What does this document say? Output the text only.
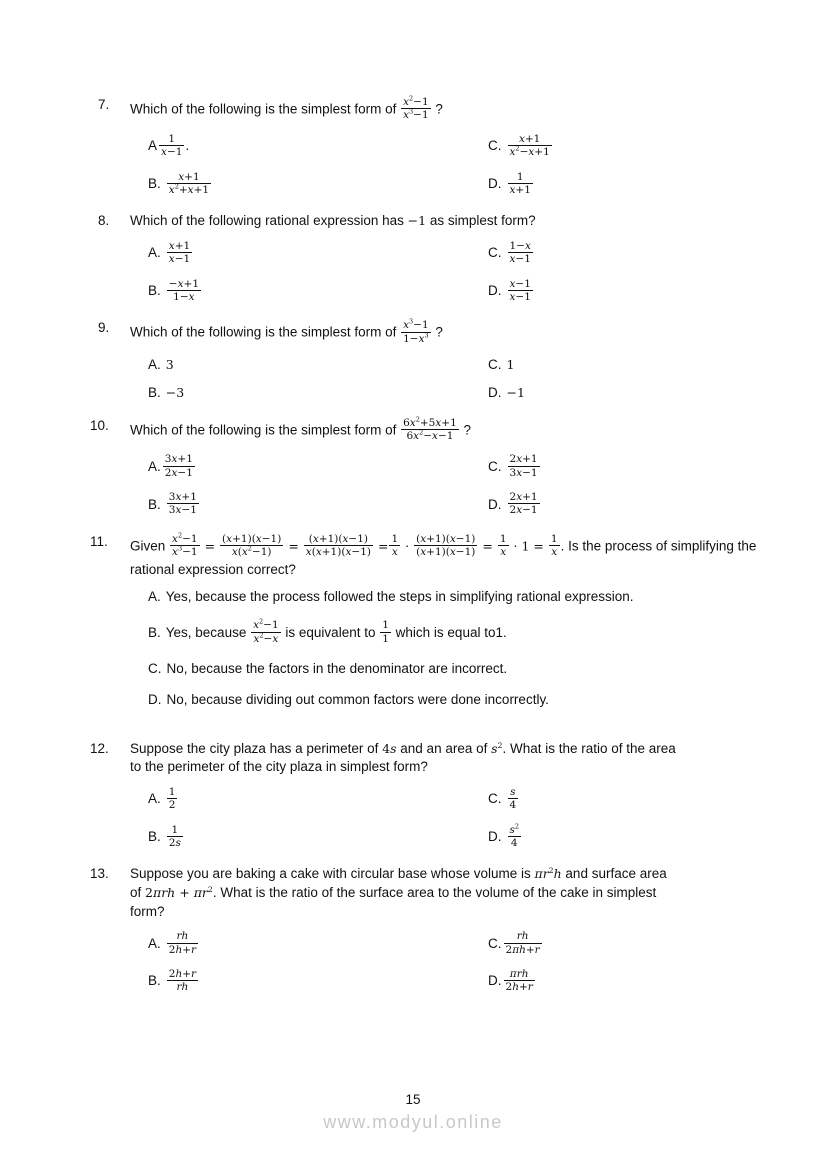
7.	Which of the following is the simplest form of $\frac{x^2-1}{x^3-1}$ ?
A $\frac{1}{x-1}$ .
B. $\frac{x+1}{x^2+x+1}$
C. $\frac{x+1}{x^2-x+1}$
D. $\frac{1}{x+1}$
8.	Which of the following rational expression has −1 as simplest form?
A. $\frac{x+1}{x-1}$
B. $\frac{-x+1}{1-x}$
C. $\frac{1-x}{x-1}$
D. $\frac{x-1}{x-1}$
9.	Which of the following is the simplest form of $\frac{x^3-1}{1-x^3}$ ?
A. 3
B. −3
C. 1
D. −1
10.	Which of the following is the simplest form of $\frac{6x^2+5x+1}{6x^2-x-1}$ ?
A. $\frac{3x+1}{2x-1}$
B. $\frac{3x+1}{3x-1}$
C. $\frac{2x+1}{3x-1}$
D. $\frac{2x+1}{2x-1}$
11.	Given $\frac{x^2-1}{x^3-1} = \frac{(x+1)(x-1)}{x(x^2-1)} = \frac{(x+1)(x-1)}{x(x+1)(x-1)} = \frac{1}{x} \cdot \frac{(x+1)(x-1)}{(x+1)(x-1)} = \frac{1}{x} \cdot 1 = \frac{1}{x}$ . Is the process of simplifying the
rational expression correct?
A. Yes, because the process followed the steps in simplifying rational expression.
B. Yes, because $\frac{x^2-1}{x^2-x}$ is equivalent to $\frac{1}{1}$ which is equal to1.
C. No, because the factors in the denominator are incorrect.
D. No, because dividing out common factors were done incorrectly.
12.	Suppose the city plaza has a perimeter of 4s and an area of $s^2$. What is the ratio of the area
to the perimeter of the city plaza in simplest form?
A. $\frac{1}{2}$
B. $\frac{1}{2s}$
C. $\frac{s}{4}$
D. $\frac{s^2}{4}$
13.	Suppose you are baking a cake with circular base whose volume is $\pi r^2h$ and surface area
of $2\pi rh + \pi r^2$. What is the ratio of the surface area to the volume of the cake in simplest
form?
A. $\frac{rh}{2h+r}$
B. $\frac{2h+r}{rh}$
C. $\frac{rh}{2\pi h+r}$
D. $\frac{\text{πrh}}{2h+r}$
15
www.modyul.online
